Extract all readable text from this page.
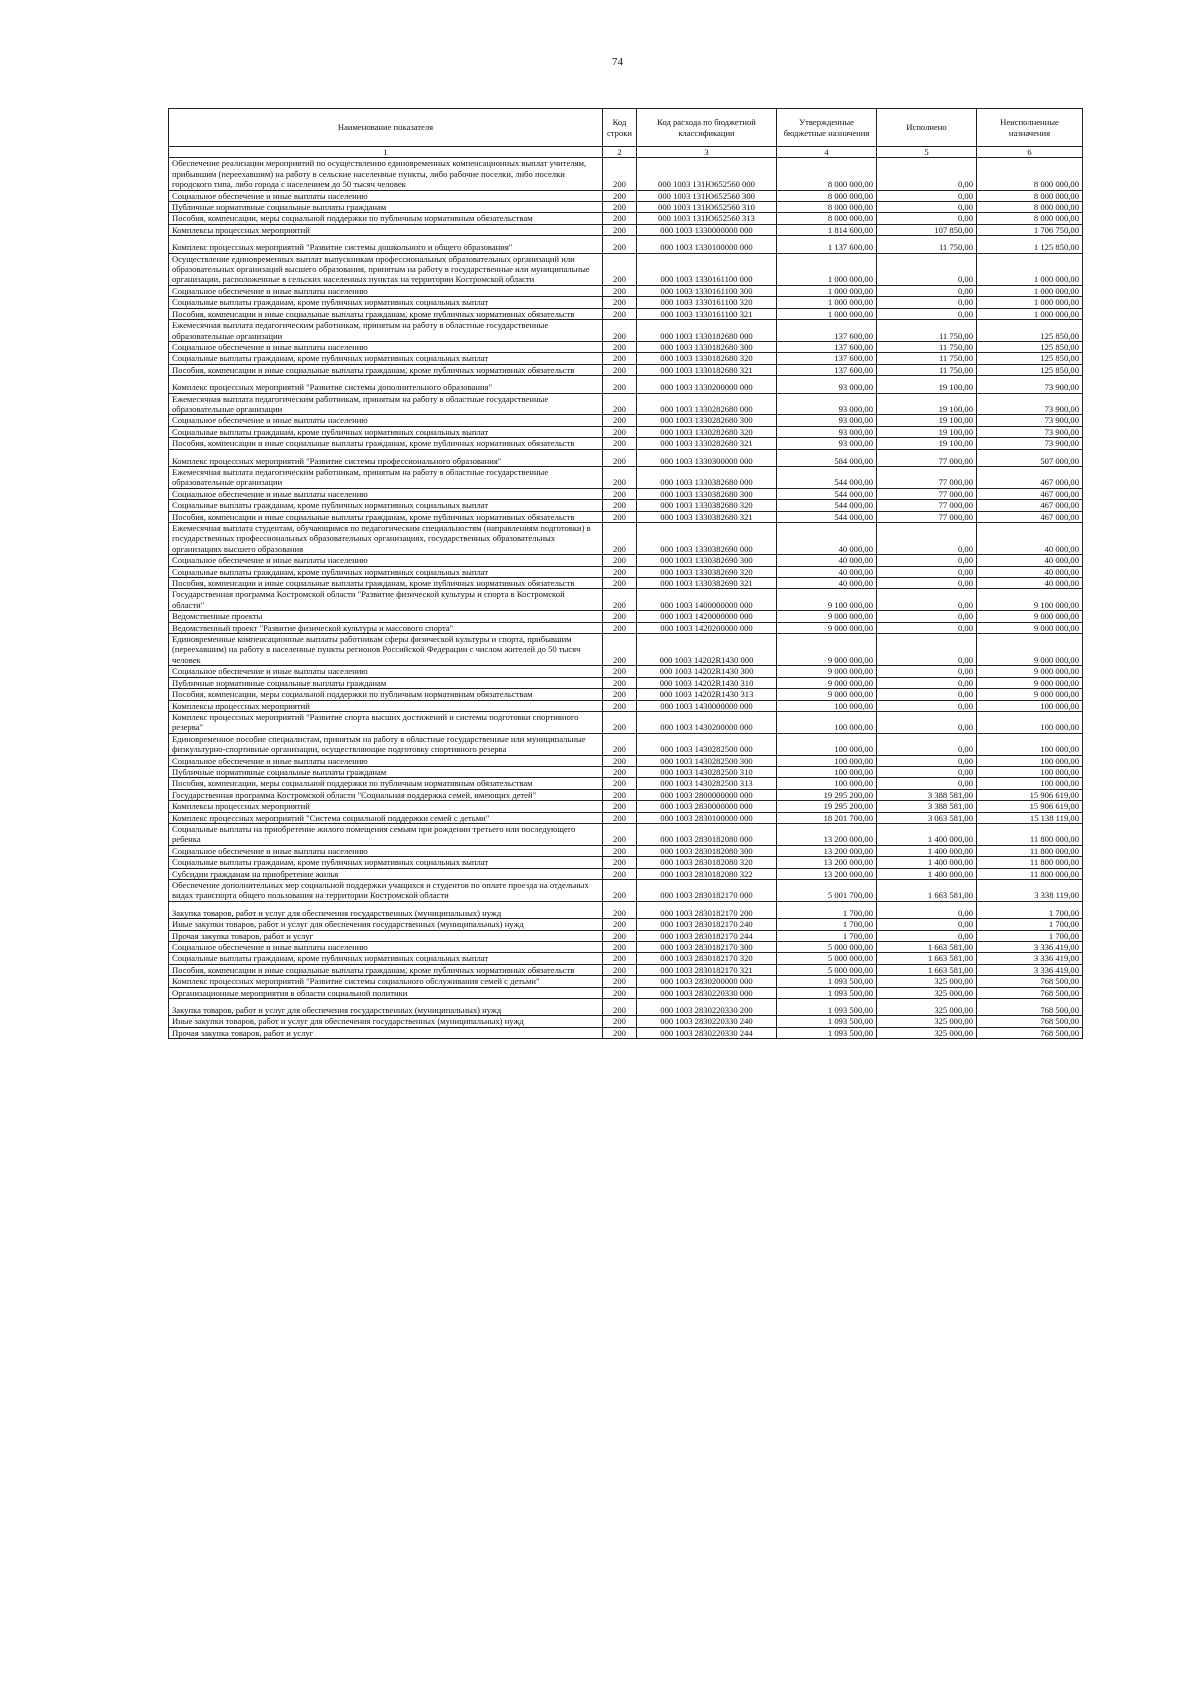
74
Наименование показателя	Код строки	Код расхода по бюджетной классификации	Утвержденные бюджетные назначения	Исполнено	Неисполненные назначения
1	2	3	4	5	6
Обеспечение реализации мероприятий по осуществлению единовременных компенсационных выплат учителям, прибывшим (переехавшим) на работу в сельские населенные пункты, либо рабочие поселки, либо поселки городского типа, либо города с населением до 50 тысяч человек	200	000 1003 131Ю652560 000	8 000 000,00	0,00	8 000 000,00
Социальное обеспечение и иные выплаты населению	200	000 1003 131Ю652560 300	8 000 000,00	0,00	8 000 000,00
Публичные нормативные социальные выплаты гражданам	200	000 1003 131Ю652560 310	8 000 000,00	0,00	8 000 000,00
Пособия, компенсации, меры социальной поддержки по публичным нормативным обязательствам	200	000 1003 131Ю652560 313	8 000 000,00	0,00	8 000 000,00
Комплексы процессных мероприятий	200	000 1003 1330000000 000	1 814 600,00	107 850,00	1 706 750,00
Комплекс процессных мероприятий "Развитие системы дошкольного и общего образования"	200	000 1003 1330100000 000	1 137 600,00	11 750,00	1 125 850,00
Осуществление единовременных выплат выпускникам профессиональных образовательных организаций или образовательных организаций высшего образования, принятым на работу в государственные или муниципальные организации, расположенные в сельских населенных пунктах на территории Костромской области	200	000 1003 1330161100 000	1 000 000,00	0,00	1 000 000,00
Социальное обеспечение и иные выплаты населению	200	000 1003 1330161100 300	1 000 000,00	0,00	1 000 000,00
Социальные выплаты гражданам, кроме публичных нормативных социальных выплат	200	000 1003 1330161100 320	1 000 000,00	0,00	1 000 000,00
Пособия, компенсации и иные социальные выплаты гражданам, кроме публичных нормативных обязательств	200	000 1003 1330161100 321	1 000 000,00	0,00	1 000 000,00
Ежемесячная выплата педагогическим работникам, принятым на работу в областные государственные образовательные организации	200	000 1003 1330182680 000	137 600,00	11 750,00	125 850,00
Социальное обеспечение и иные выплаты населению	200	000 1003 1330182680 300	137 600,00	11 750,00	125 850,00
Социальные выплаты гражданам, кроме публичных нормативных социальных выплат	200	000 1003 1330182680 320	137 600,00	11 750,00	125 850,00
Пособия, компенсации и иные социальные выплаты гражданам, кроме публичных нормативных обязательств	200	000 1003 1330182680 321	137 600,00	11 750,00	125 850,00
Комплекс процессных мероприятий "Развитие системы дополнительного образования"	200	000 1003 1330200000 000	93 000,00	19 100,00	73 900,00
Ежемесячная выплата педагогическим работникам, принятым на работу в областные государственные образовательные организации	200	000 1003 1330282680 000	93 000,00	19 100,00	73 900,00
Социальное обеспечение и иные выплаты населению	200	000 1003 1330282680 300	93 000,00	19 100,00	73 900,00
Социальные выплаты гражданам, кроме публичных нормативных социальных выплат	200	000 1003 1330282680 320	93 000,00	19 100,00	73 900,00
Пособия, компенсации и иные социальные выплаты гражданам, кроме публичных нормативных обязательств	200	000 1003 1330282680 321	93 000,00	19 100,00	73 900,00
Комплекс процессных мероприятий "Развитие системы профессионального образования"	200	000 1003 1330300000 000	584 000,00	77 000,00	507 000,00
Ежемесячная выплата педагогическим работникам, принятым на работу в областные государственные образовательные организации	200	000 1003 1330382680 000	544 000,00	77 000,00	467 000,00
Социальное обеспечение и иные выплаты населению	200	000 1003 1330382680 300	544 000,00	77 000,00	467 000,00
Социальные выплаты гражданам, кроме публичных нормативных социальных выплат	200	000 1003 1330382680 320	544 000,00	77 000,00	467 000,00
Пособия, компенсации и иные социальные выплаты гражданам, кроме публичных нормативных обязательств	200	000 1003 1330382680 321	544 000,00	77 000,00	467 000,00
Ежемесячная выплата студентам, обучающимся по педагогическим специальностям (направлениям подготовки) в государственных профессиональных образовательных организациях, государственных образовательных организациях высшего образования	200	000 1003 1330382690 000	40 000,00	0,00	40 000,00
Социальное обеспечение и иные выплаты населению	200	000 1003 1330382690 300	40 000,00	0,00	40 000,00
Социальные выплаты гражданам, кроме публичных нормативных социальных выплат	200	000 1003 1330382690 320	40 000,00	0,00	40 000,00
Пособия, компенсации и иные социальные выплаты гражданам, кроме публичных нормативных обязательств	200	000 1003 1330382690 321	40 000,00	0,00	40 000,00
Государственная программа Костромской области "Развитие физической культуры и спорта в Костромской области"	200	000 1003 1400000000 000	9 100 000,00	0,00	9 100 000,00
Ведомственные проекты	200	000 1003 1420000000 000	9 000 000,00	0,00	9 000 000,00
Ведомственный проект "Развитие физической культуры и массового спорта"	200	000 1003 1420200000 000	9 000 000,00	0,00	9 000 000,00
Единовременные компенсационные выплаты работникам сферы физической культуры и спорта, прибывшим (переехавшим) на работу в населенные пункты регионов Российской Федерации с числом жителей до 50 тысяч человек	200	000 1003 14202R1430 000	9 000 000,00	0,00	9 000 000,00
Социальное обеспечение и иные выплаты населению	200	000 1003 14202R1430 300	9 000 000,00	0,00	9 000 000,00
Публичные нормативные социальные выплаты гражданам	200	000 1003 14202R1430 310	9 000 000,00	0,00	9 000 000,00
Пособия, компенсации, меры социальной поддержки по публичным нормативным обязательствам	200	000 1003 14202R1430 313	9 000 000,00	0,00	9 000 000,00
Комплексы процессных мероприятий	200	000 1003 1430000000 000	100 000,00	0,00	100 000,00
Комплекс процессных мероприятий "Развитие спорта высших достижений и системы подготовки спортивного резерва"	200	000 1003 1430200000 000	100 000,00	0,00	100 000,00
Единовременное пособие специалистам, принятым на работу в областные государственные или муниципальные физкультурно-спортивные организации, осуществляющие подготовку спортивного резерва	200	000 1003 1430282500 000	100 000,00	0,00	100 000,00
Социальное обеспечение и иные выплаты населению	200	000 1003 1430282500 300	100 000,00	0,00	100 000,00
Публичные нормативные социальные выплаты гражданам	200	000 1003 1430282500 310	100 000,00	0,00	100 000,00
Пособия, компенсации, меры социальной поддержки по публичным нормативным обязательствам	200	000 1003 1430282500 313	100 000,00	0,00	100 000,00
Государственная программа Костромской области "Социальная поддержка семей, имеющих детей"	200	000 1003 2800000000 000	19 295 200,00	3 388 581,00	15 906 619,00
Комплексы процессных мероприятий	200	000 1003 2830000000 000	19 295 200,00	3 388 581,00	15 906 619,00
Комплекс процессных мероприятий "Система социальной поддержки семей с детьми"	200	000 1003 2830100000 000	18 201 700,00	3 063 581,00	15 138 119,00
Социальные выплаты на приобретение жилого помещения семьям при рождении третьего или последующего ребенка	200	000 1003 2830182080 000	13 200 000,00	1 400 000,00	11 800 000,00
Социальное обеспечение и иные выплаты населению	200	000 1003 2830182080 300	13 200 000,00	1 400 000,00	11 800 000,00
Социальные выплаты гражданам, кроме публичных нормативных социальных выплат	200	000 1003 2830182080 320	13 200 000,00	1 400 000,00	11 800 000,00
Субсидии гражданам на приобретение жилья	200	000 1003 2830182080 322	13 200 000,00	1 400 000,00	11 800 000,00
Обеспечение дополнительных мер социальной поддержки учащихся и студентов по оплате проезда на отдельных видах транспорта общего пользования на территории Костромской области	200	000 1003 2830182170 000	5 001 700,00	1 663 581,00	3 338 119,00
Закупка товаров, работ и услуг для обеспечения государственных (муниципальных) нужд	200	000 1003 2830182170 200	1 700,00	0,00	1 700,00
Иные закупки товаров, работ и услуг для обеспечения государственных (муниципальных) нужд	200	000 1003 2830182170 240	1 700,00	0,00	1 700,00
Прочая закупка товаров, работ и услуг	200	000 1003 2830182170 244	1 700,00	0,00	1 700,00
Социальное обеспечение и иные выплаты населению	200	000 1003 2830182170 300	5 000 000,00	1 663 581,00	3 336 419,00
Социальные выплаты гражданам, кроме публичных нормативных социальных выплат	200	000 1003 2830182170 320	5 000 000,00	1 663 581,00	3 336 419,00
Пособия, компенсации и иные социальные выплаты гражданам, кроме публичных нормативных обязательств	200	000 1003 2830182170 321	5 000 000,00	1 663 581,00	3 336 419,00
Комплекс процессных мероприятий "Развитие системы социального обслуживания семей с детьми"	200	000 1003 2830200000 000	1 093 500,00	325 000,00	768 500,00
Организационные мероприятия в области социальной политики	200	000 1003 2830220330 000	1 093 500,00	325 000,00	768 500,00
Закупка товаров, работ и услуг для обеспечения государственных (муниципальных) нужд	200	000 1003 2830220330 200	1 093 500,00	325 000,00	768 500,00
Иные закупки товаров, работ и услуг для обеспечения государственных (муниципальных) нужд	200	000 1003 2830220330 240	1 093 500,00	325 000,00	768 500,00
Прочая закупка товаров, работ и услуг	200	000 1003 2830220330 244	1 093 500,00	325 000,00	768 500,00
